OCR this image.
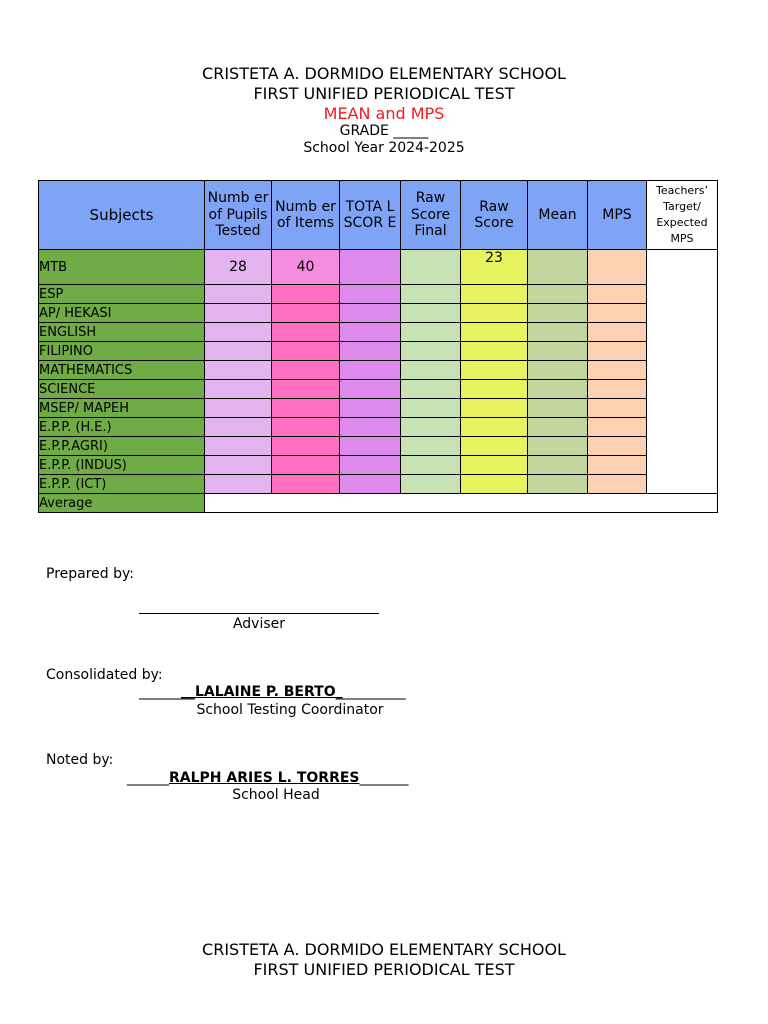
CRISTETA A. DORMIDO ELEMENTARY SCHOOL
FIRST UNIFIED PERIODICAL TEST
MEAN and MPS
GRADE _____
School Year 2024-2025
Subjects	Numb er of Pupils Tested	Numb er of Items	TOTA L SCOR E	Raw Score Final	Raw Score	Mean	MPS	Teachers’ Target/ Expected MPS
MTB	28	40			23			
ESP								
AP/ HEKASI								
ENGLISH								
FILIPINO								
MATHEMATICS								
SCIENCE								
MSEP/ MAPEH								
E.P.P. (H.E.)								
E.P.P.AGRI)								
E.P.P. (INDUS)								
E.P.P. (ICT)								
Average								
Prepared by:
Adviser
Consolidated by:
________LALAINE P. BERTO__________
School Testing Coordinator
Noted by:
______RALPH ARIES L. TORRES_______
School Head
CRISTETA A. DORMIDO ELEMENTARY SCHOOL
FIRST UNIFIED PERIODICAL TEST
